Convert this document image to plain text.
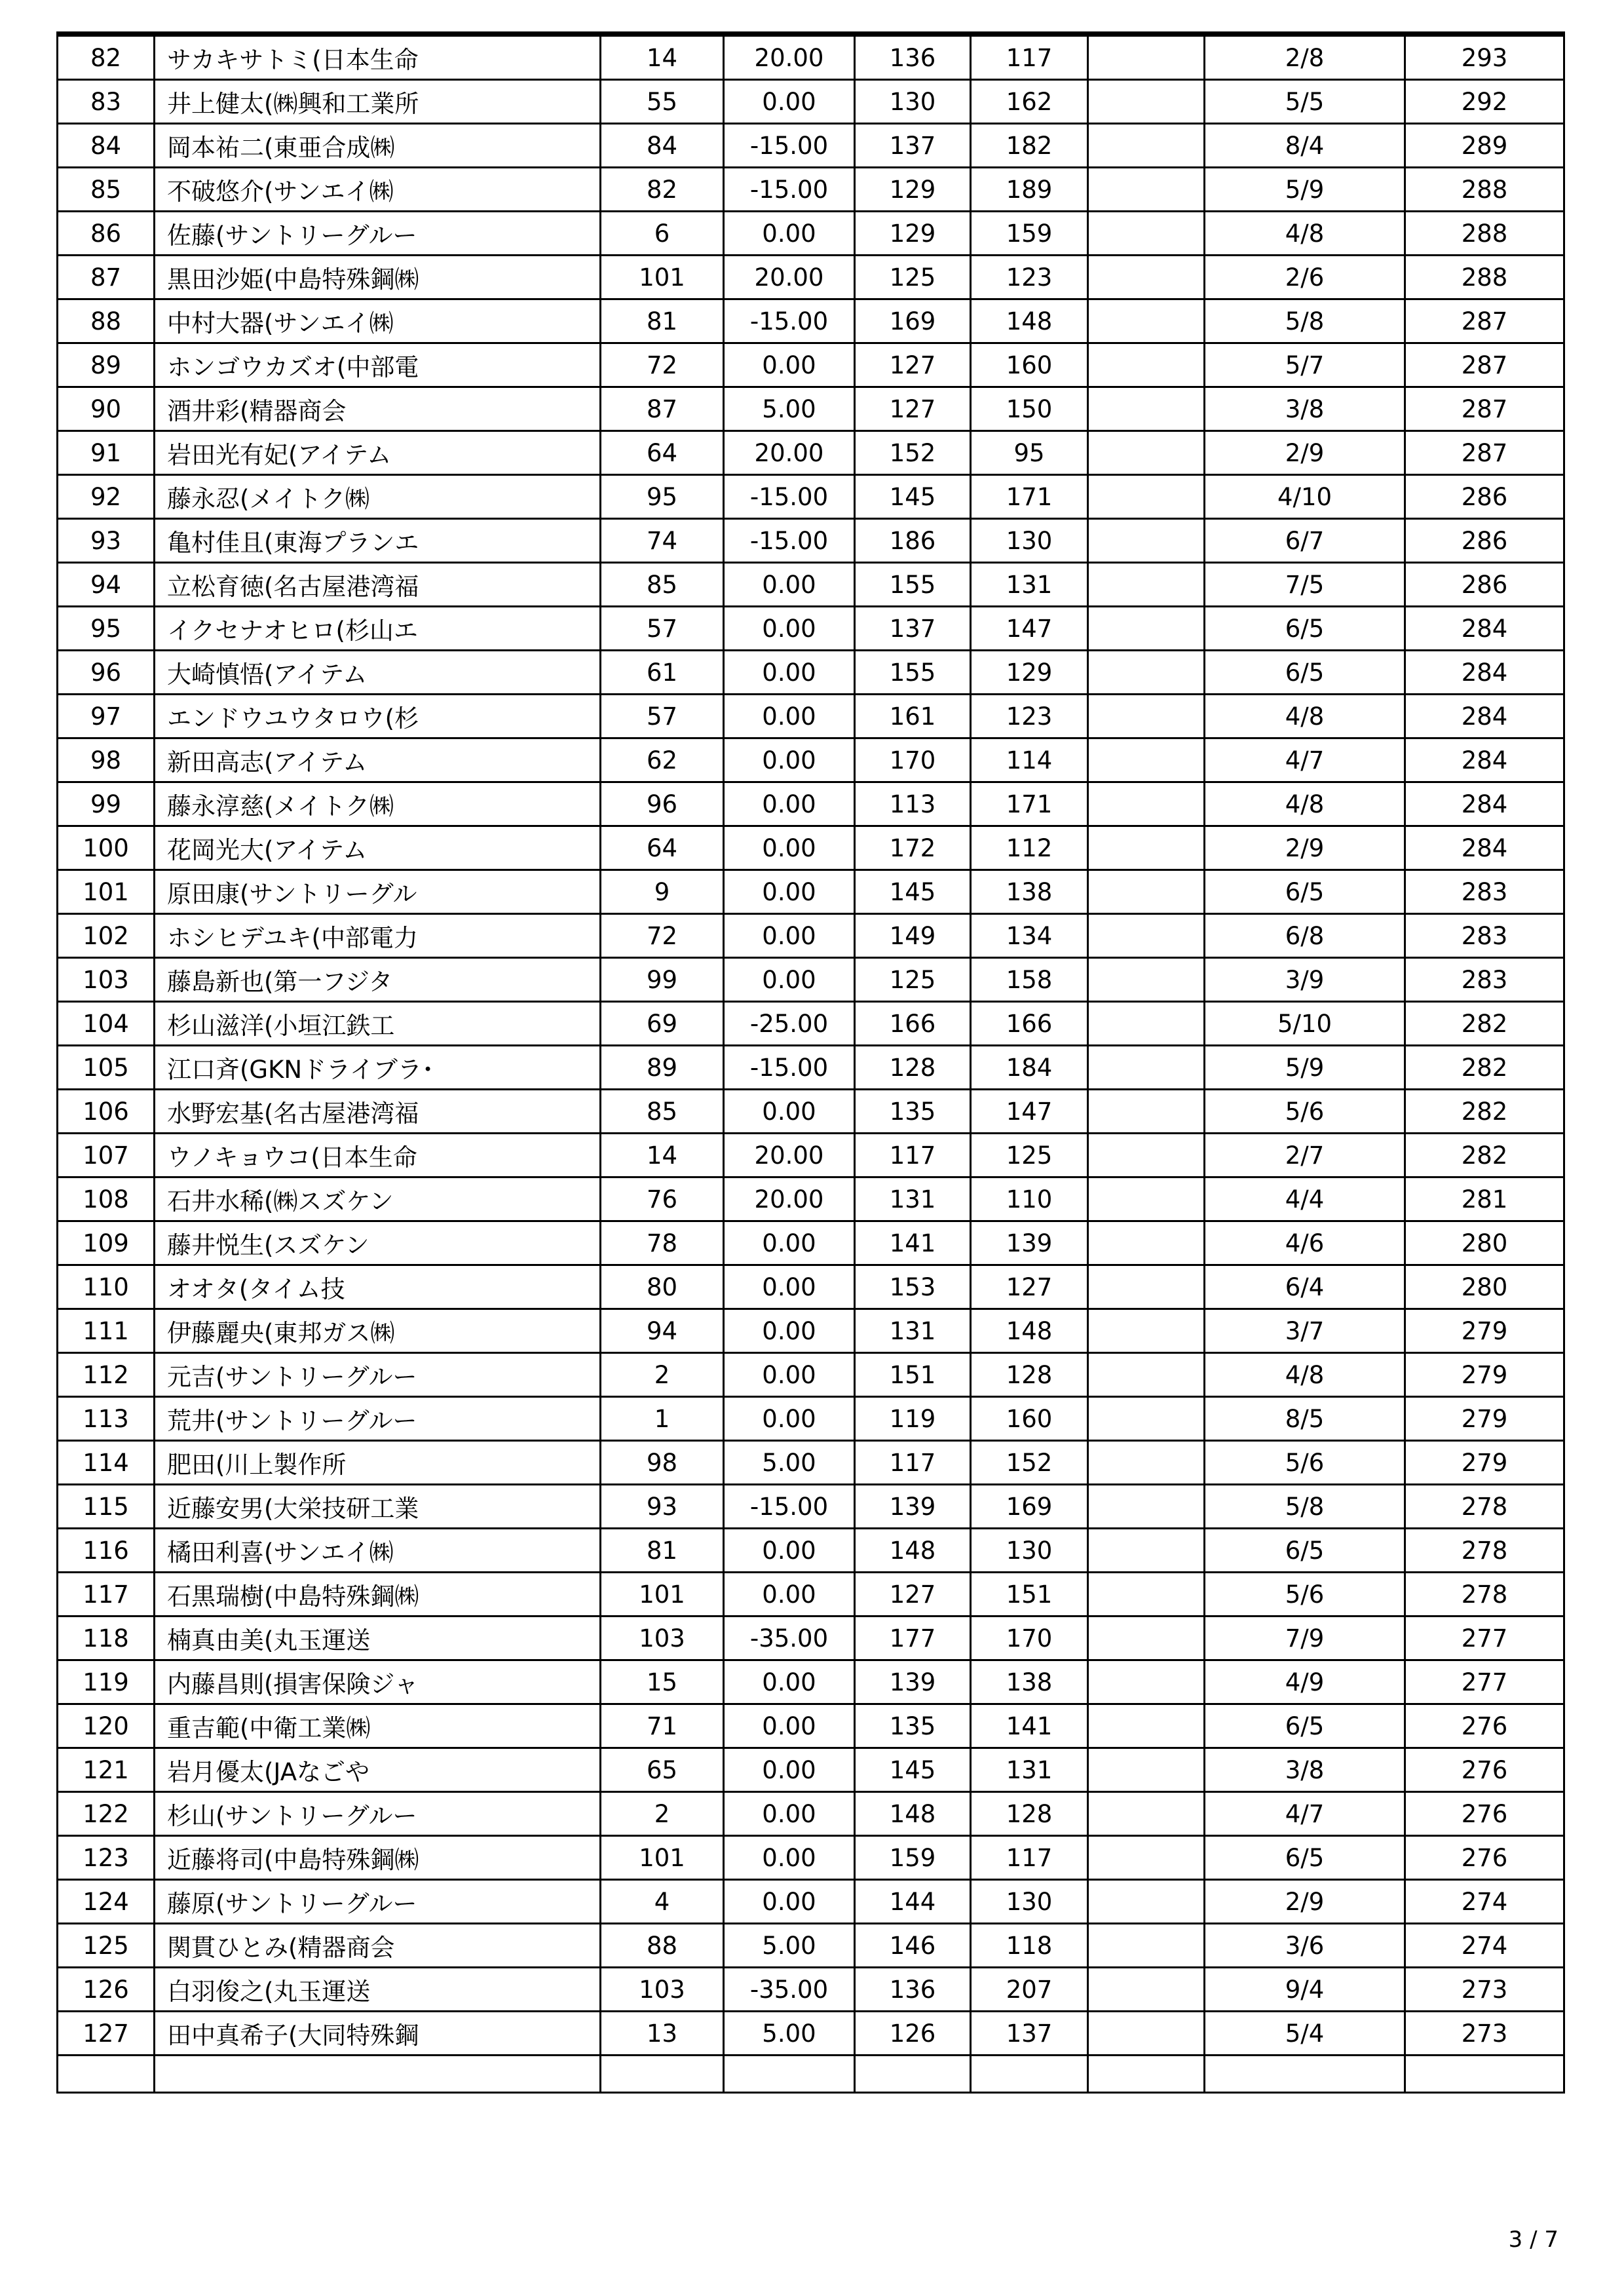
82	サカキサトミ(日本生命	14	20.00	136	117		2/8	293
83	井上健太(㈱興和工業所	55	0.00	130	162		5/5	292
84	岡本祐二(東亜合成㈱	84	-15.00	137	182		8/4	289
85	不破悠介(サンエイ㈱	82	-15.00	129	189		5/9	288
86	佐藤(サントリーグルー	6	0.00	129	159		4/8	288
87	黒田沙姫(中島特殊鋼㈱	101	20.00	125	123		2/6	288
88	中村大器(サンエイ㈱	81	-15.00	169	148		5/8	287
89	ホンゴウカズオ(中部電	72	0.00	127	160		5/7	287
90	酒井彩(精器商会	87	5.00	127	150		3/8	287
91	岩田光有妃(アイテム	64	20.00	152	95		2/9	287
92	藤永忍(メイトク㈱	95	-15.00	145	171		4/10	286
93	亀村佳且(東海プランエ	74	-15.00	186	130		6/7	286
94	立松育徳(名古屋港湾福	85	0.00	155	131		7/5	286
95	イクセナオヒロ(杉山エ	57	0.00	137	147		6/5	284
96	大崎慎悟(アイテム	61	0.00	155	129		6/5	284
97	エンドウユウタロウ(杉	57	0.00	161	123		4/8	284
98	新田高志(アイテム	62	0.00	170	114		4/7	284
99	藤永淳慈(メイトク㈱	96	0.00	113	171		4/8	284
100	花岡光大(アイテム	64	0.00	172	112		2/9	284
101	原田康(サントリーグル	9	0.00	145	138		6/5	283
102	ホシヒデユキ(中部電力	72	0.00	149	134		6/8	283
103	藤島新也(第一フジタ	99	0.00	125	158		3/9	283
104	杉山滋洋(小垣江鉄工	69	-25.00	166	166		5/10	282
105	江口斉(GKNドライブラ･	89	-15.00	128	184		5/9	282
106	水野宏基(名古屋港湾福	85	0.00	135	147		5/6	282
107	ウノキョウコ(日本生命	14	20.00	117	125		2/7	282
108	石井水稀(㈱スズケン	76	20.00	131	110		4/4	281
109	藤井悦生(スズケン	78	0.00	141	139		4/6	280
110	オオタ(タイム技	80	0.00	153	127		6/4	280
111	伊藤麗央(東邦ガス㈱	94	0.00	131	148		3/7	279
112	元吉(サントリーグルー	2	0.00	151	128		4/8	279
113	荒井(サントリーグルー	1	0.00	119	160		8/5	279
114	肥田(川上製作所	98	5.00	117	152		5/6	279
115	近藤安男(大栄技研工業	93	-15.00	139	169		5/8	278
116	橘田利喜(サンエイ㈱	81	0.00	148	130		6/5	278
117	石黒瑞樹(中島特殊鋼㈱	101	0.00	127	151		5/6	278
118	楠真由美(丸玉運送	103	-35.00	177	170		7/9	277
119	内藤昌則(損害保険ジャ	15	0.00	139	138		4/9	277
120	重吉範(中衛工業㈱	71	0.00	135	141		6/5	276
121	岩月優太(JAなごや	65	0.00	145	131		3/8	276
122	杉山(サントリーグルー	2	0.00	148	128		4/7	276
123	近藤将司(中島特殊鋼㈱	101	0.00	159	117		6/5	276
124	藤原(サントリーグルー	4	0.00	144	130		2/9	274
125	関貫ひとみ(精器商会	88	5.00	146	118		3/6	274
126	白羽俊之(丸玉運送	103	-35.00	136	207		9/4	273
127	田中真希子(大同特殊鋼	13	5.00	126	137		5/4	273

3 / 7
